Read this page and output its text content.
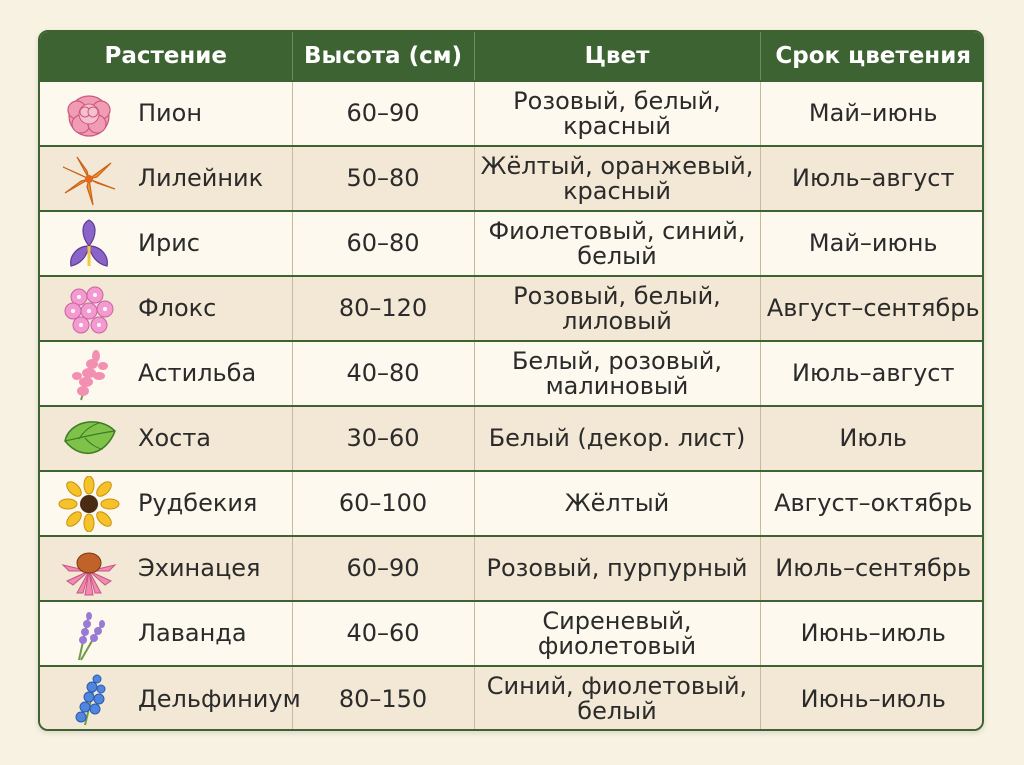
Растение	Высота (см)	Цвет	Срок цветения

Пион	60–90	Розовый, белый, красный	Май–июнь

Лилейник	50–80	Жёлтый, оранжевый, красный	Июль–август

Ирис	60–80	Фиолетовый, синий, белый	Май–июнь

Флокс	80–120	Розовый, белый, лиловый	Август–сентябрь

Астильба	40–80	Белый, розовый, малиновый	Июль–август

Хоста	30–60	Белый (декор. лист)	Июль

Рудбекия	60–100	Жёлтый	Август–октябрь

Эхинацея	60–90	Розовый, пурпурный	Июль–сентябрь

Лаванда	40–60	Сиреневый, фиолетовый	Июнь–июль

Дельфиниум	80–150	Синий, фиолетовый, белый	Июнь–июль
